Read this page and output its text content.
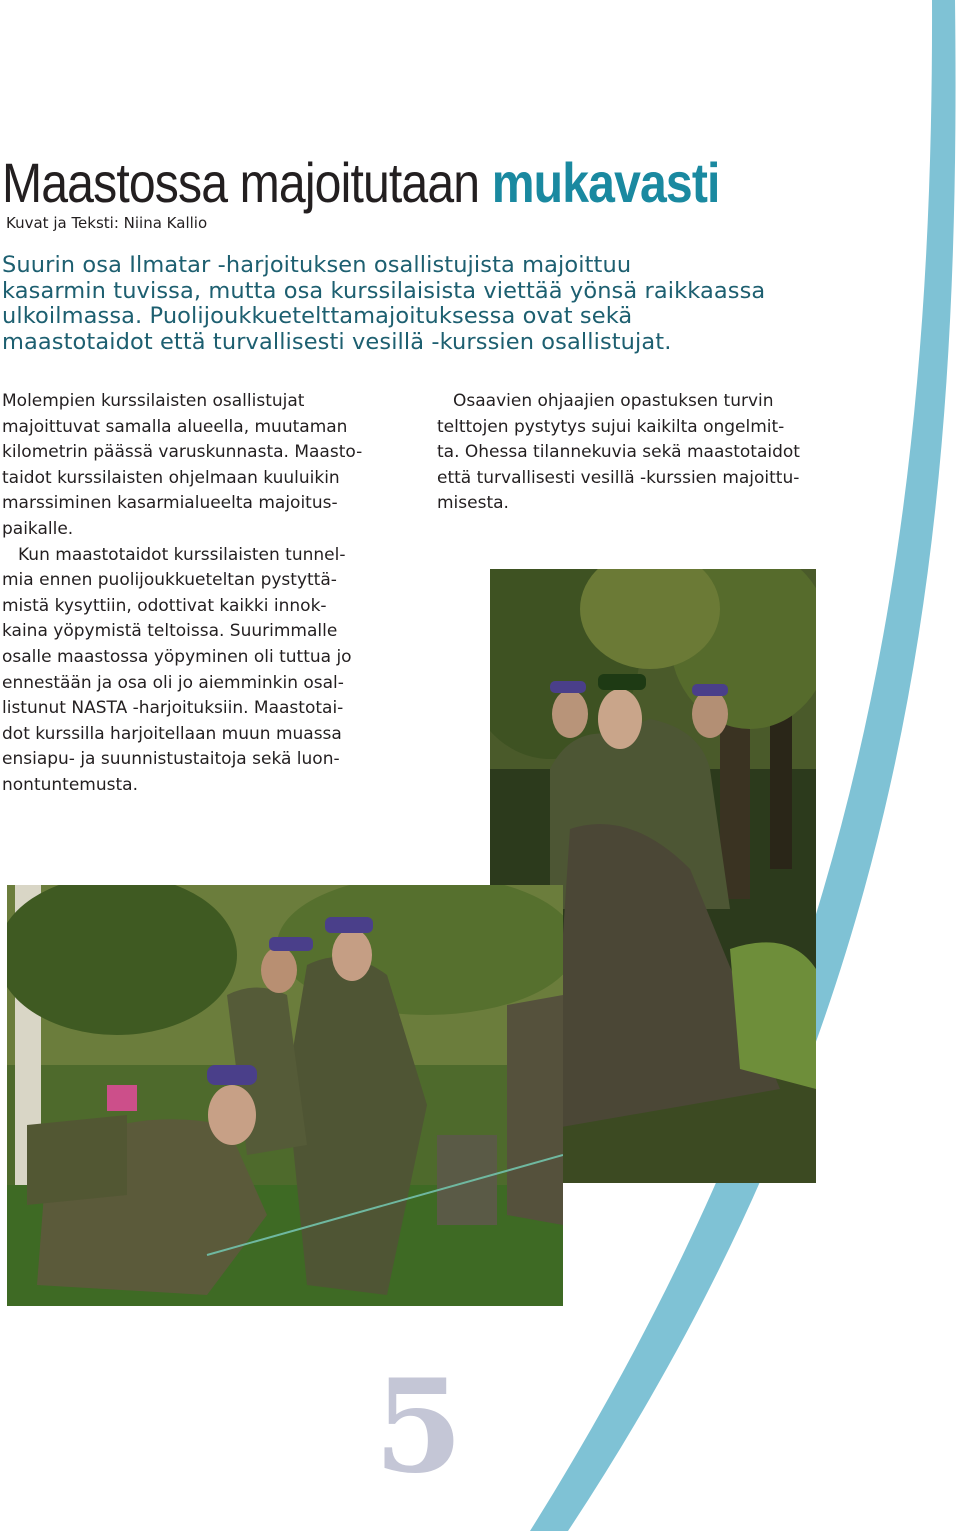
Maastossa majoitutaan mukavasti
Kuvat ja Teksti: Niina Kallio
Suurin osa Ilmatar -harjoituksen osallistujista majoittuu
kasarmin tuvissa, mutta osa kurssilaisista viettää yönsä raikkaassa
ulkoilmassa. Puolijoukkuetelttamajoituksessa ovat sekä
maastotaidot että turvallisesti vesillä -kurssien osallistujat.
Molempien kurssilaisten osallistujat
majoittuvat samalla alueella, muutaman
kilometrin päässä varuskunnasta. Maasto-
taidot kurssilaisten ohjelmaan kuuluikin
marssiminen kasarmialueelta majoitus-
paikalle.
Kun maastotaidot kurssilaisten tunnel-
mia ennen puolijoukkueteltan pystyttä-
mistä kysyttiin, odottivat kaikki innok-
kaina yöpymistä teltoissa. Suurimmalle
osalle maastossa yöpyminen oli tuttua jo
ennestään ja osa oli jo aiemminkin osal-
listunut NASTA -harjoituksiin. Maastotai-
dot kurssilla harjoitellaan muun muassa
ensiapu- ja suunnistustaitoja sekä luon-
nontuntemusta.
Osaavien ohjaajien opastuksen turvin
telttojen pystytys sujui kaikilta ongelmit-
ta. Ohessa tilannekuvia sekä maastotaidot
että turvallisesti vesillä -kurssien majoittu-
misesta.
5
